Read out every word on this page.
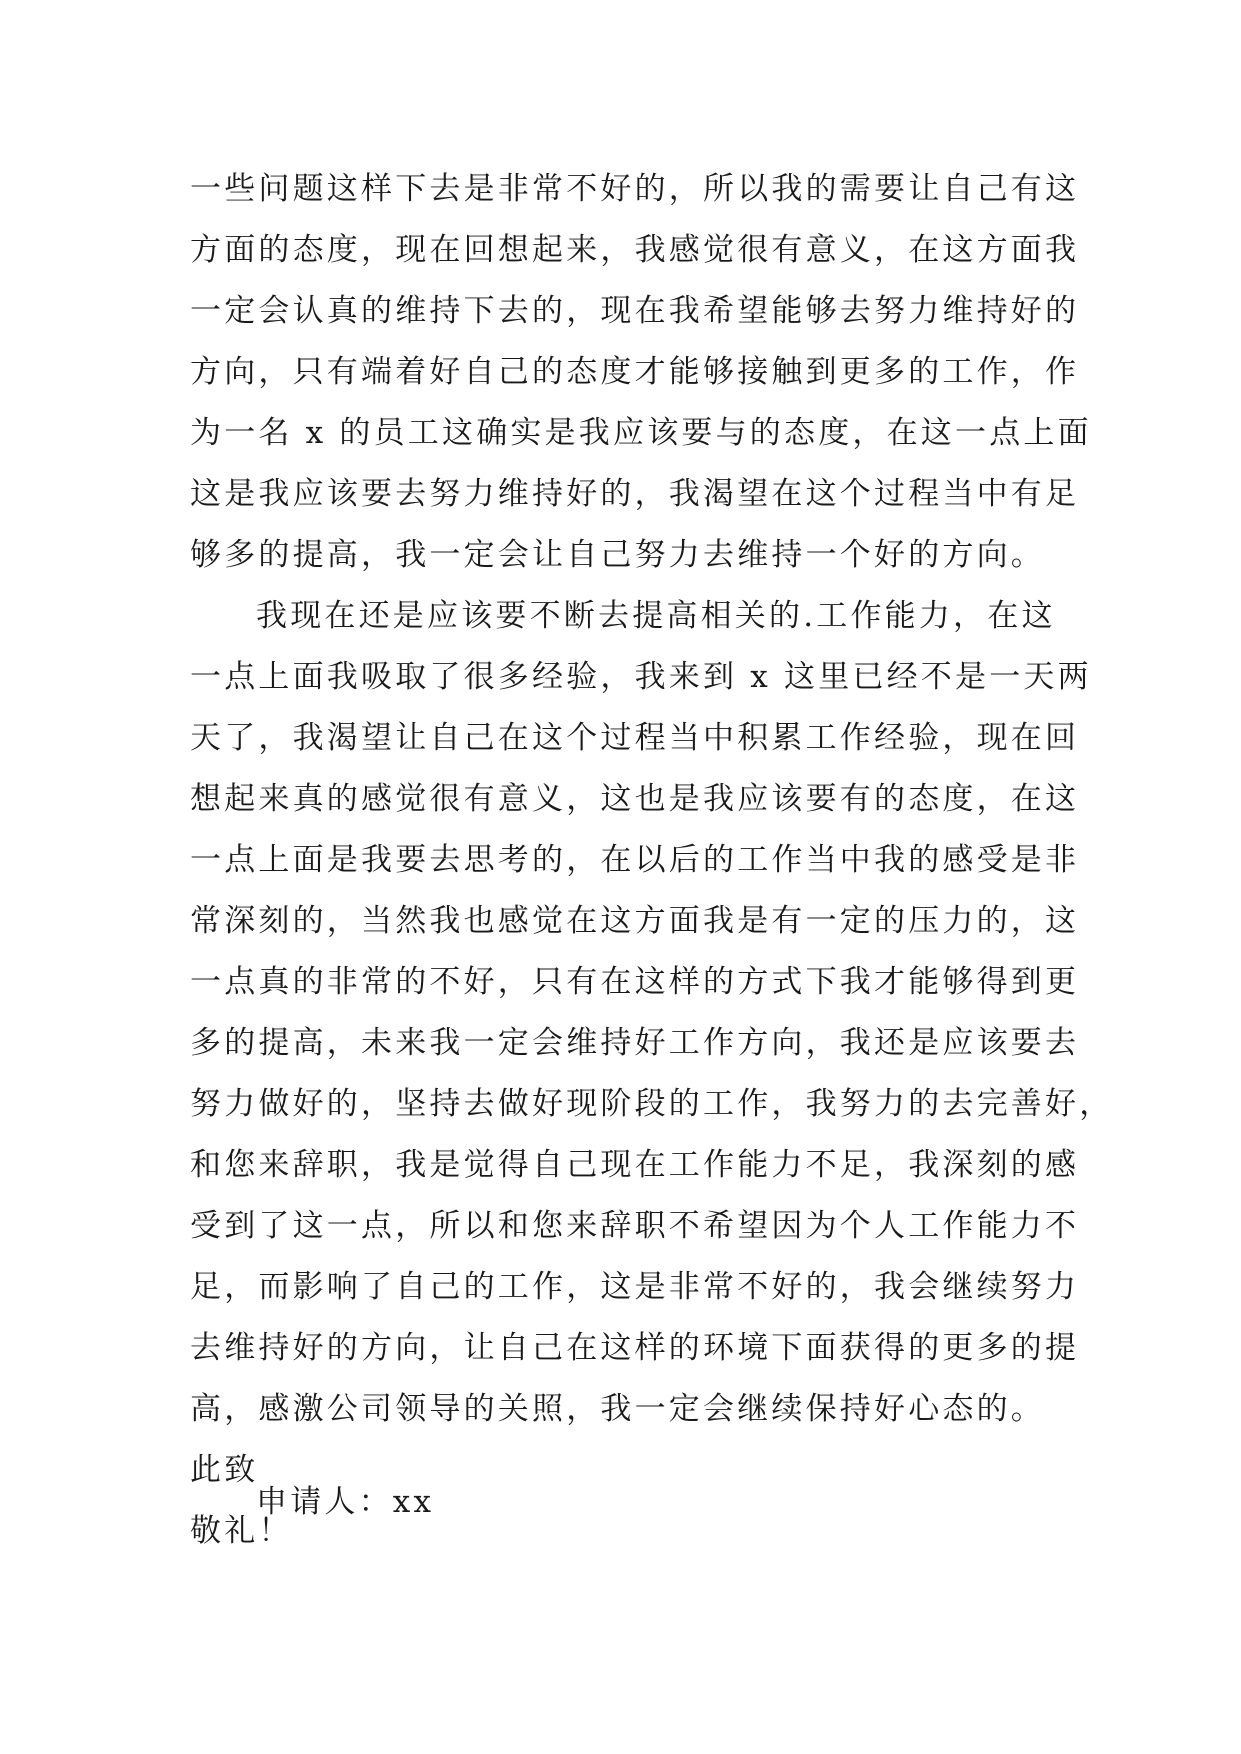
一些问题这样下去是非常不好的，所以我的需要让自己有这
方面的态度，现在回想起来，我感觉很有意义，在这方面我
一定会认真的维持下去的，现在我希望能够去努力维持好的
方向，只有端着好自己的态度才能够接触到更多的工作，作
为一名 x 的员工这确实是我应该要与的态度，在这一点上面
这是我应该要去努力维持好的，我渴望在这个过程当中有足
够多的提高，我一定会让自己努力去维持一个好的方向。
我现在还是应该要不断去提高相关的.工作能力，在这
一点上面我吸取了很多经验，我来到 x 这里已经不是一天两
天了，我渴望让自己在这个过程当中积累工作经验，现在回
想起来真的感觉很有意义，这也是我应该要有的态度，在这
一点上面是我要去思考的，在以后的工作当中我的感受是非
常深刻的，当然我也感觉在这方面我是有一定的压力的，这
一点真的非常的不好，只有在这样的方式下我才能够得到更
多的提高，未来我一定会维持好工作方向，我还是应该要去
努力做好的，坚持去做好现阶段的工作，我努力的去完善好，
和您来辞职，我是觉得自己现在工作能力不足，我深刻的感
受到了这一点，所以和您来辞职不希望因为个人工作能力不
足，而影响了自己的工作，这是非常不好的，我会继续努力
去维持好的方向，让自己在这样的环境下面获得的更多的提
高，感激公司领导的关照，我一定会继续保持好心态的。
此致
敬礼！
申请人：xx
